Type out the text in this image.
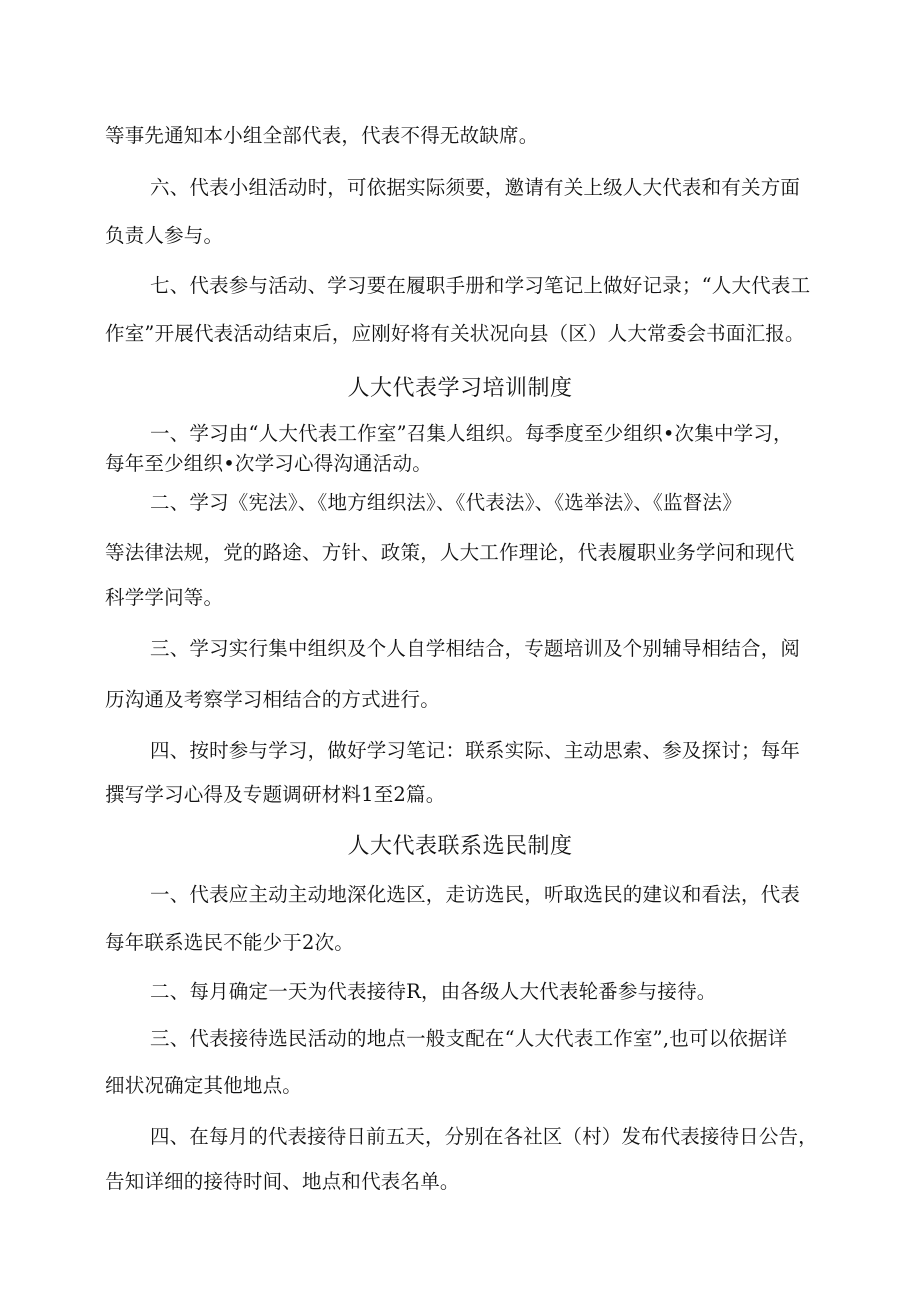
等事先通知本小组全部代表，代表不得无故缺席。
六、代表小组活动时，可依据实际须要，邀请有关上级人大代表和有关方面
负责人参与。
七、代表参与活动、学习要在履职手册和学习笔记上做好记录；“人大代表工
作室”开展代表活动结束后，应刚好将有关状况向县（区）人大常委会书面汇报。
人大代表学习培训制度
一、学习由“人大代表工作室”召集人组织。每季度至少组织•次集中学习，
每年至少组织•次学习心得沟通活动。
二、学习《宪法》、《地方组织法》、《代表法》、《选举法》、《监督法》
等法律法规，党的路途、方针、政策，人大工作理论，代表履职业务学问和现代
科学学问等。
三、学习实行集中组织及个人自学相结合，专题培训及个别辅导相结合，阅
历沟通及考察学习相结合的方式进行。
四、按时参与学习，做好学习笔记：联系实际、主动思索、参及探讨；每年
撰写学习心得及专题调研材料1至2篇。
人大代表联系选民制度
一、代表应主动主动地深化选区，走访选民，听取选民的建议和看法，代表
每年联系选民不能少于2次。
二、每月确定一天为代表接待R，由各级人大代表轮番参与接待。
三、代表接待选民活动的地点一般支配在“人大代表工作室”,也可以依据详
细状况确定其他地点。
四、在每月的代表接待日前五天，分别在各社区（村）发布代表接待日公告，
告知详细的接待时间、地点和代表名单。
